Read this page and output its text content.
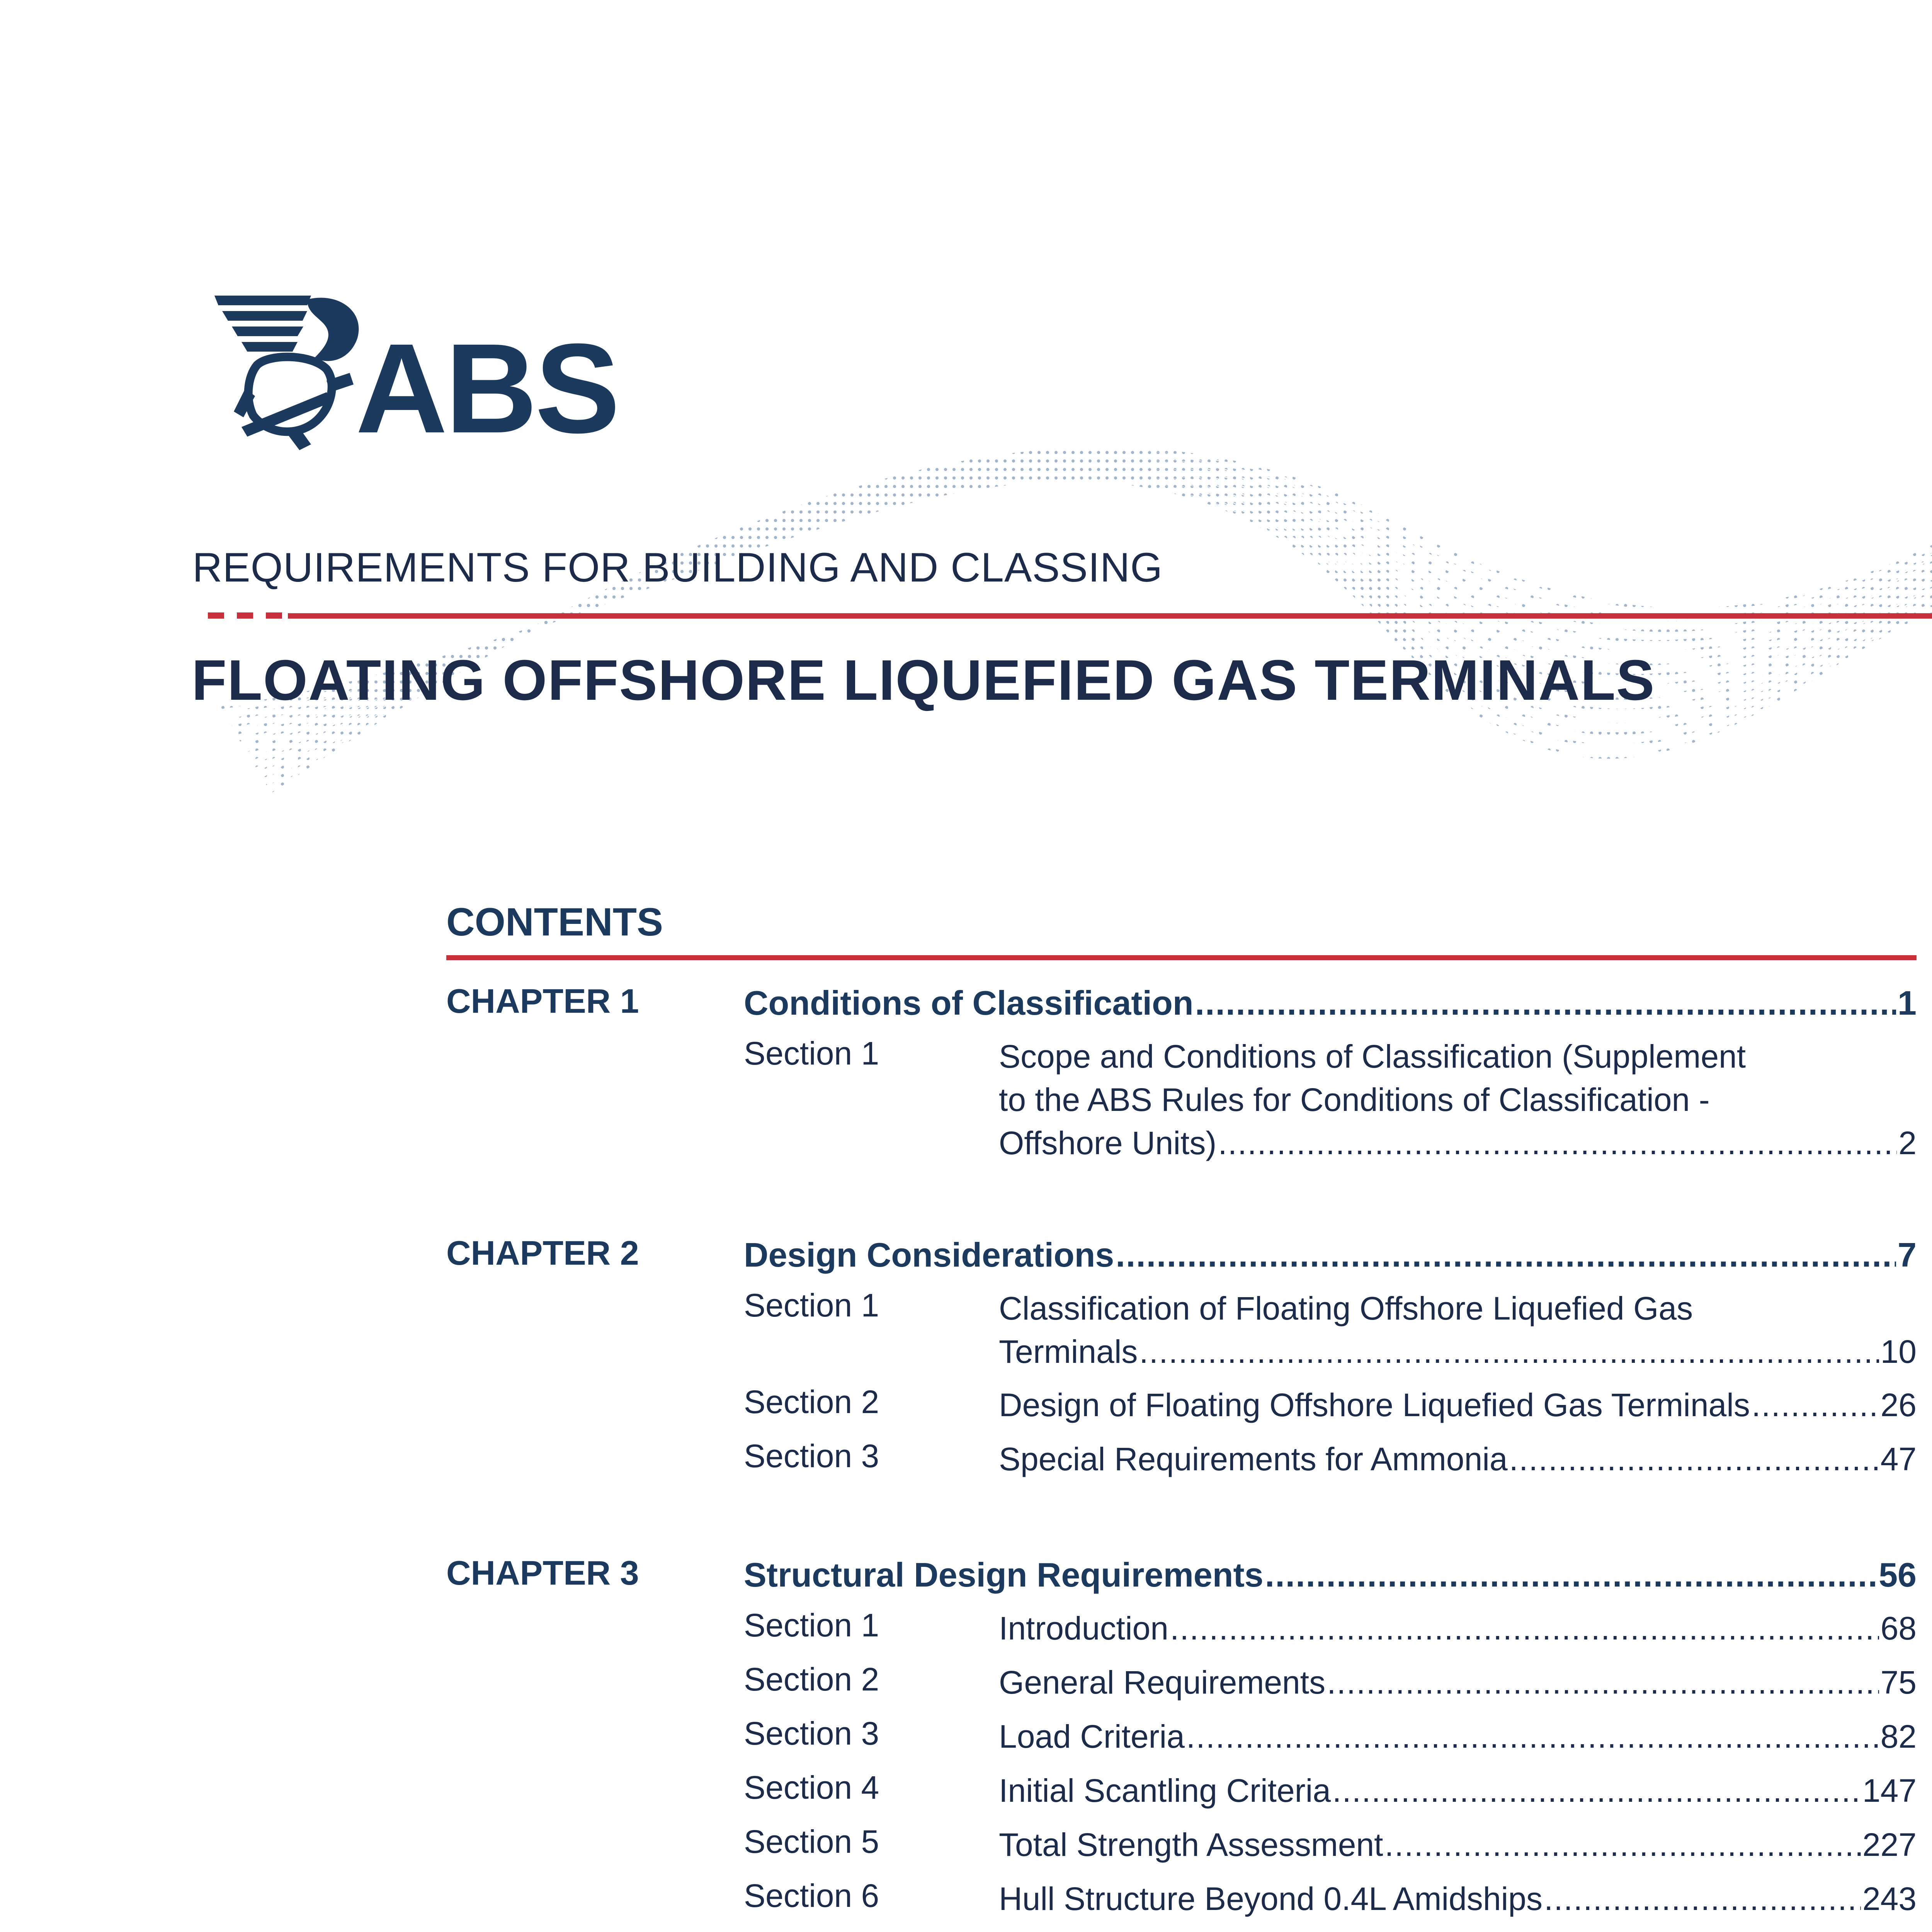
ABS
REQUIREMENTS FOR BUILDING AND CLASSING
FLOATING OFFSHORE LIQUEFIED GAS TERMINALS
CONTENTS
CHAPTER 1	Conditions of Classification .....	1
Section 1	Scope and Conditions of Classification (Supplement
to the ABS Rules for Conditions of Classification -
Offshore Units) .....	2
CHAPTER 2	Design Considerations .....	7
Section 1	Classification of Floating Offshore Liquefied Gas
Terminals .....	10
Section 2	Design of Floating Offshore Liquefied Gas Terminals .....	26
Section 3	Special Requirements for Ammonia .....	47
CHAPTER 3	Structural Design Requirements .....	56
Section 1	Introduction .....	68
Section 2	General Requirements .....	75
Section 3	Load Criteria .....	82
Section 4	Initial Scantling Criteria .....	147
Section 5	Total Strength Assessment .....	227
Section 6	Hull Structure Beyond 0.4L Amidships .....	243
